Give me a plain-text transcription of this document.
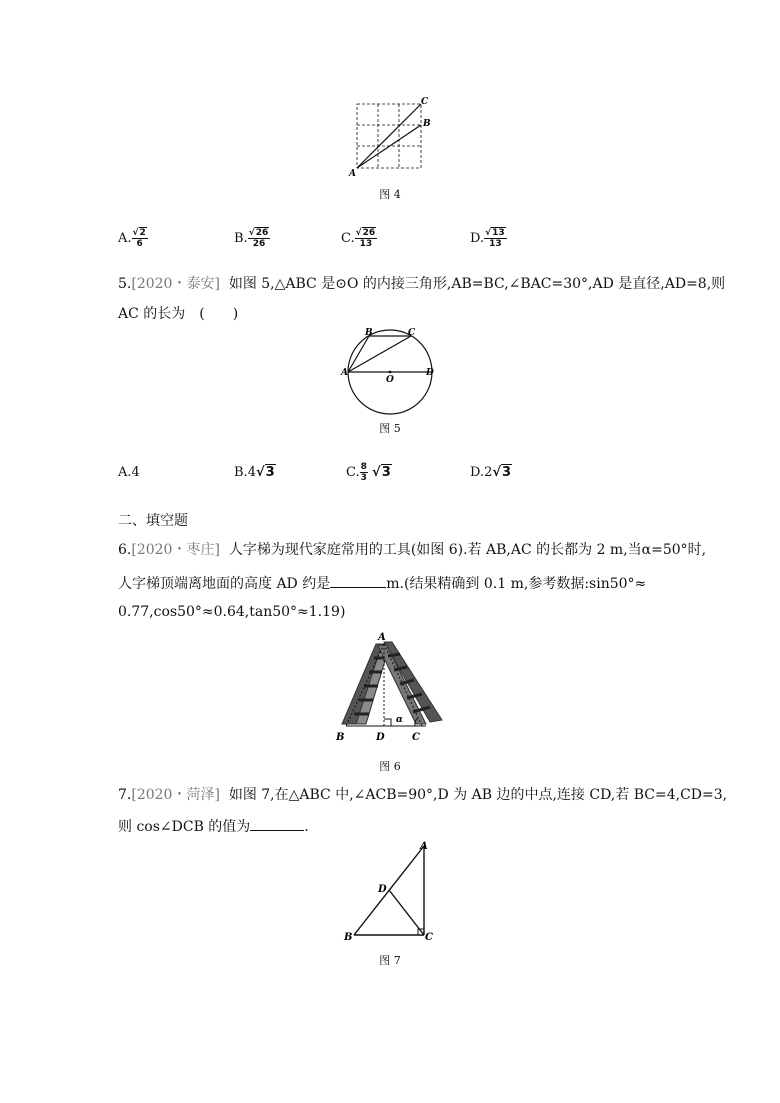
A
B
C
图 4
A. $\frac{√2}{6}$	B. $\frac{√26}{26}$	C. $\frac{√26}{13}$	D. $\frac{√13}{13}$
5.[2020・泰安] 如图 5,△ABC 是⊙O 的内接三角形,AB=BC,∠BAC=30°,AD 是直径,AD=8,则
AC 的长为　(　　)
A
B	C
D
O
图 5
A.4	B.4√3	C. $\frac{8}{3} √3$	D.2√3
二、填空题
6.[2020・枣庄] 人字梯为现代家庭常用的工具(如图 6).若 AB,AC 的长都为 2 m,当α=50°时,
人字梯顶端离地面的高度 AD 约是	m.(结果精确到 0.1 m,参考数据:sin50°≈
0.77,cos50°≈0.64,tan50°≈1.19)
A
B	D	C
α
图 6
7.[2020・菏泽] 如图 7,在△ABC 中,∠ACB=90°,D 为 AB 边的中点,连接 CD,若 BC=4,CD=3,
则 cos∠DCB 的值为	.
A
B	C
D
图 7
